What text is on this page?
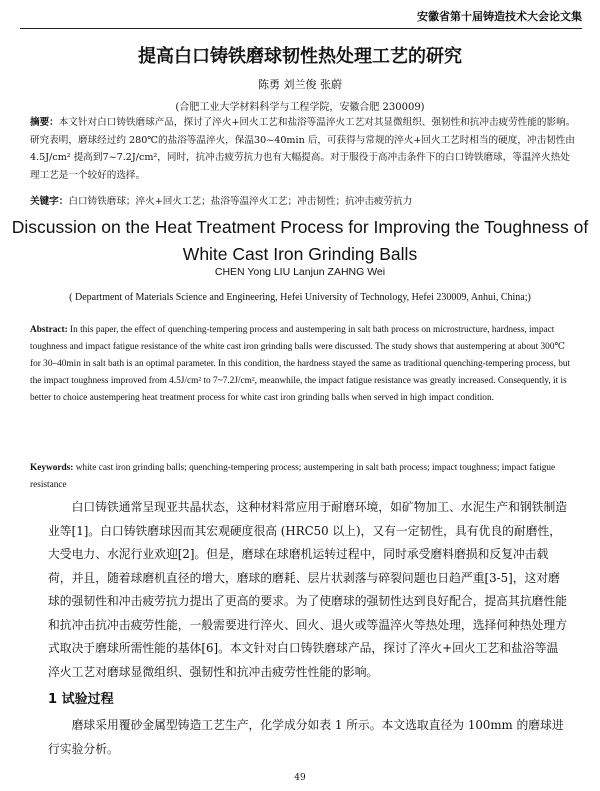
安徽省第十届铸造技术大会论文集
提高白口铸铁磨球韧性热处理工艺的研究
陈勇 刘兰俊 张蔚
(合肥工业大学材料科学与工程学院，安徽合肥 230009)
摘要：本文针对白口铸铁磨球产品，探讨了淬火+回火工艺和盐浴等温淬火工艺对其显微组织、强韧性和抗冲击疲劳性能的影响。研究表明，磨球经过约 280℃的盐浴等温淬火，保温30~40min 后，可获得与常规的淬火+回火工艺时相当的硬度，冲击韧性由 4.5J/cm² 提高到7~7.2J/cm²，同时，抗冲击疲劳抗力也有大幅提高。对于服役于高冲击条件下的白口铸铁磨球，等温淬火热处理工艺是一个较好的选择。
关键字：白口铸铁磨球；淬火+回火工艺；盐浴等温淬火工艺；冲击韧性；抗冲击疲劳抗力
Discussion on the Heat Treatment Process for Improving the Toughness of White Cast Iron Grinding Balls
CHEN Yong LIU Lanjun ZAHNG Wei
( Department of Materials Science and Engineering, Hefei University of Technology, Hefei 230009, Anhui, China;)
Abstract: In this paper, the effect of quenching-tempering process and austempering in salt bath process on microstructure, hardness, impact toughness and impact fatigue resistance of the white cast iron grinding balls were discussed. The study shows that austempering at about 300℃ for 30–40min in salt bath is an optimal parameter. In this condition, the hardness stayed the same as traditional quenching-tempering process, but the impact toughness improved from 4.5J/cm² to 7~7.2J/cm², meanwhile, the impact fatigue resistance was greatly increased. Consequently, it is better to choice austempering heat treatment process for white cast iron grinding balls when served in high impact condition.
Keywords: white cast iron grinding balls; quenching-tempering process; austempering in salt bath process; impact toughness; impact fatigue resistance
白口铸铁通常呈现亚共晶状态，这种材料常应用于耐磨环境，如矿物加工、水泥生产和钢铁制造业等[1]。白口铸铁磨球因而其宏观硬度很高 (HRC50 以上)，又有一定韧性，具有优良的耐磨性，大受电力、水泥行业欢迎[2]。但是，磨球在球磨机运转过程中，同时承受磨料磨损和反复冲击载荷，并且，随着球磨机直径的增大，磨球的磨耗、层片状剥落与碎裂问题也日趋严重[3-5]，这对磨球的强韧性和冲击疲劳抗力提出了更高的要求。为了使磨球的强韧性达到良好配合，提高其抗磨性能和抗冲击抗冲击疲劳性能，一般需要进行淬火、回火、退火或等温淬火等热处理，选择何种热处理方式取决于磨球所需性能的基体[6]。本文针对白口铸铁磨球产品，探讨了淬火+回火工艺和盐浴等温淬火工艺对磨球显微组织、强韧性和抗冲击疲劳性性能的影响。
1 试验过程
磨球采用覆砂金属型铸造工艺生产，化学成分如表 1 所示。本文选取直径为 100mm 的磨球进行实验分析。
49
